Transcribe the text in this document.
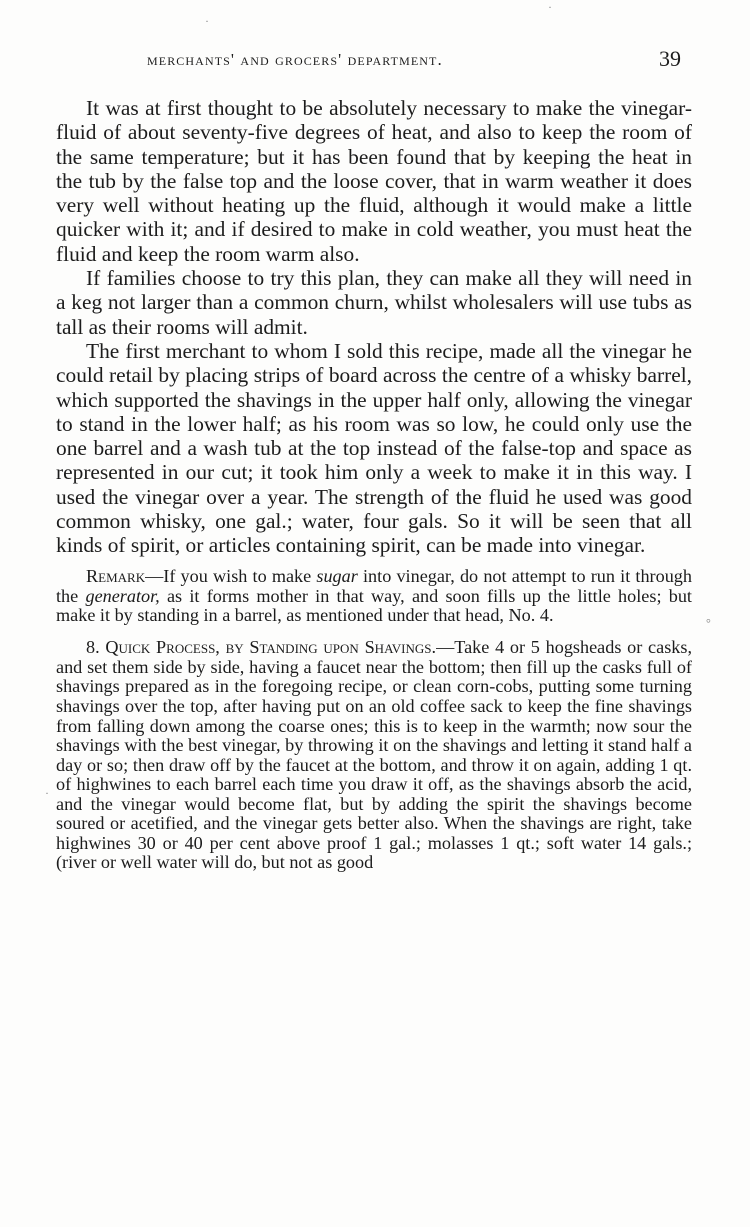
merchants' and grocers' department.	39

It was at first thought to be absolutely necessary to make the vinegar-fluid of about seventy-five degrees of heat, and also to keep the room of the same temperature; but it has been found that by keeping the heat in the tub by the false top and the loose cover, that in warm weather it does very well without heating up the fluid, although it would make a little quicker with it; and if desired to make in cold weather, you must heat the fluid and keep the room warm also.

If families choose to try this plan, they can make all they will need in a keg not larger than a common churn, whilst wholesalers will use tubs as tall as their rooms will admit.

The first merchant to whom I sold this recipe, made all the vinegar he could retail by placing strips of board across the centre of a whisky barrel, which supported the shavings in the upper half only, allowing the vinegar to stand in the lower half; as his room was so low, he could only use the one barrel and a wash tub at the top instead of the false-top and space as represented in our cut; it took him only a week to make it in this way. I used the vinegar over a year. The strength of the fluid he used was good common whisky, one gal.; water, four gals. So it will be seen that all kinds of spirit, or articles containing spirit, can be made into vinegar.

Remark—If you wish to make sugar into vinegar, do not attempt to run it through the generator, as it forms mother in that way, and soon fills up the little holes; but make it by standing in a barrel, as mentioned under that head, No. 4.

8. Quick Process, by Standing upon Shavings.—Take 4 or 5 hogsheads or casks, and set them side by side, having a faucet near the bottom; then fill up the casks full of shavings prepared as in the foregoing recipe, or clean corn-cobs, putting some turning shavings over the top, after having put on an old coffee sack to keep the fine shavings from falling down among the coarse ones; this is to keep in the warmth; now sour the shavings with the best vinegar, by throwing it on the shavings and letting it stand half a day or so; then draw off by the faucet at the bottom, and throw it on again, adding 1 qt. of highwines to each barrel each time you draw it off, as the shavings absorb the acid, and the vinegar would become flat, but by adding the spirit the shavings become soured or acetified, and the vinegar gets better also. When the shavings are right, take highwines 30 or 40 per cent above proof 1 gal.; molasses 1 qt.; soft water 14 gals.; (river or well water will do, but not as good

·
·
°
·
